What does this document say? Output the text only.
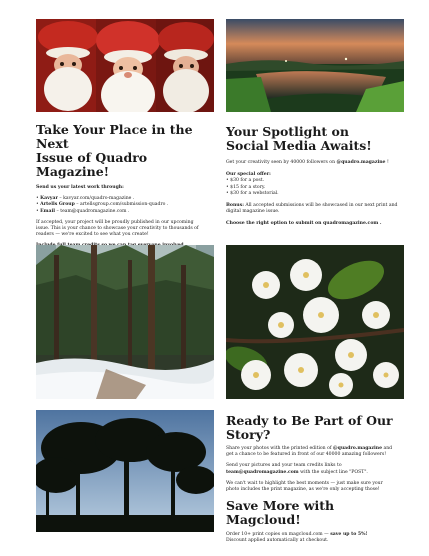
Take Your Place in the Next
Issue of Quadro Magazine!

Send us your latest work through:

• Kavyar – kavyar.com/quadro-magazine .
• Artells Group – artellsgroup.com/submission-quadro .
• Email – team@quadromagazine.com .

If accepted, your project will be proudly published in our upcoming
issue. This is your chance to showcase your creativity to thousands of
readers — we're excited to see what you create!

Your Spotlight on
Social Media Awaits!

Get your creativity seen by 40000 followers on @quadro.magazine !

Our special offer:

• $30 for a post.
• $15 for a story.
• $30 for a webstorial.

Bonus: All accepted submissions will be showcased in our next print and
digital magazine issue.

Choose the right option to submit on quadromagazine.com .

Ready to Be Part of Our Story?

Share your photos with the printed edition of @quadro.magazine and
get a chance to be featured in front of our 40000 amazing followers!

Send your pictures and your team credits links to
team@quadromagazine.com with the subject line "POST".

We can't wait to highlight the best moments — just make sure your
photo includes the print magazine, as we're only accepting those!

Save More with Magcloud!

Order 10+ print copies on magcloud.com — save up to 5%!
Discount applied automatically at checkout.
